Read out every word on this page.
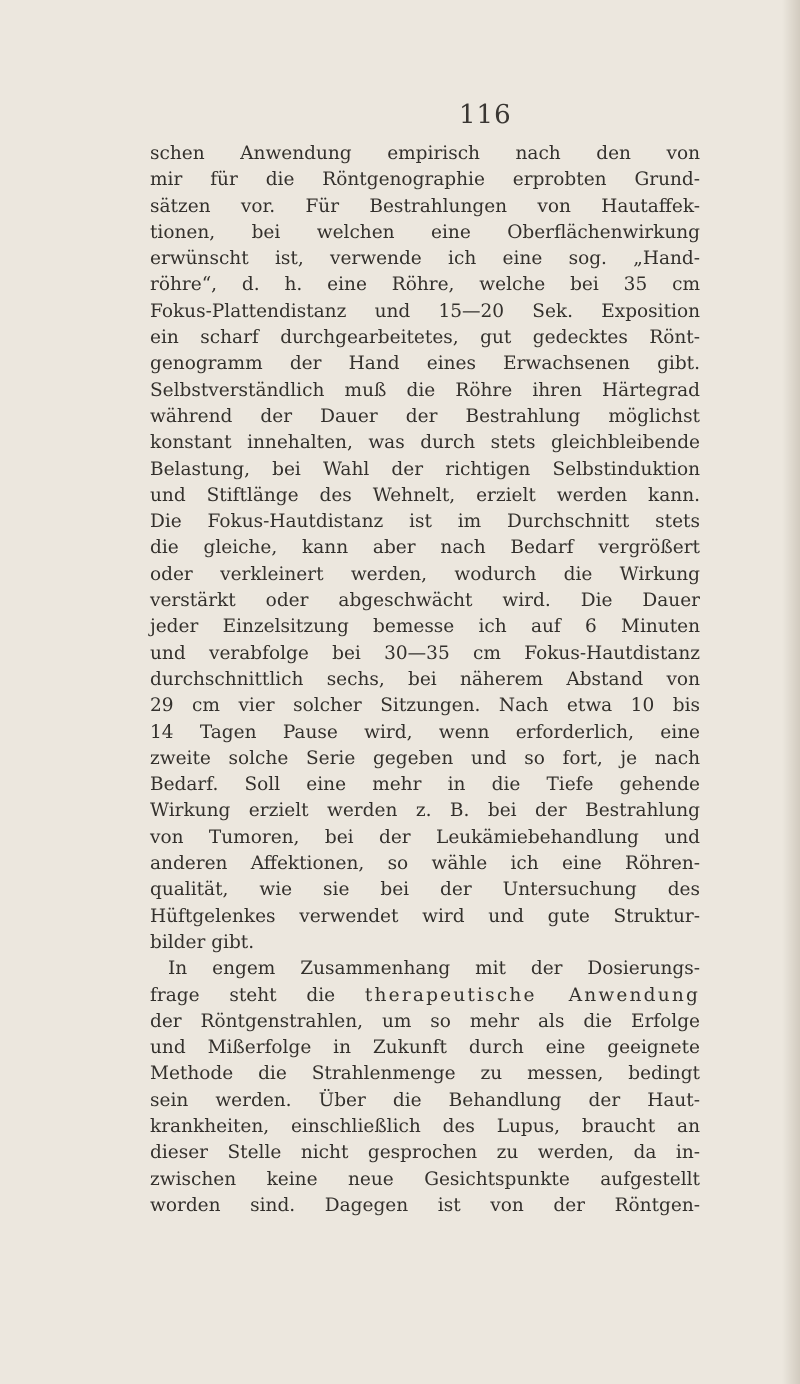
116
schen Anwendung empirisch nach den von
mir für die Röntgenographie erprobten Grund-
sätzen vor. Für Bestrahlungen von Hautaffek-
tionen, bei welchen eine Oberflächenwirkung
erwünscht ist, verwende ich eine sog. „Hand-
röhre“, d. h. eine Röhre, welche bei 35 cm
Fokus-Plattendistanz und 15—20 Sek. Exposition
ein scharf durchgearbeitetes, gut gedecktes Rönt-
genogramm der Hand eines Erwachsenen gibt.
Selbstverständlich muß die Röhre ihren Härtegrad
während der Dauer der Bestrahlung möglichst
konstant innehalten, was durch stets gleichbleibende
Belastung, bei Wahl der richtigen Selbstinduktion
und Stiftlänge des Wehnelt, erzielt werden kann.
Die Fokus-Hautdistanz ist im Durchschnitt stets
die gleiche, kann aber nach Bedarf vergrößert
oder verkleinert werden, wodurch die Wirkung
verstärkt oder abgeschwächt wird. Die Dauer
jeder Einzelsitzung bemesse ich auf 6 Minuten
und verabfolge bei 30—35 cm Fokus-Hautdistanz
durchschnittlich sechs, bei näherem Abstand von
29 cm vier solcher Sitzungen. Nach etwa 10 bis
14 Tagen Pause wird, wenn erforderlich, eine
zweite solche Serie gegeben und so fort, je nach
Bedarf. Soll eine mehr in die Tiefe gehende
Wirkung erzielt werden z. B. bei der Bestrahlung
von Tumoren, bei der Leukämiebehandlung und
anderen Affektionen, so wähle ich eine Röhren-
qualität, wie sie bei der Untersuchung des
Hüftgelenkes verwendet wird und gute Struktur-
bilder gibt.
In engem Zusammenhang mit der Dosierungs-
frage steht die therapeutische Anwendung
der Röntgenstrahlen, um so mehr als die Erfolge
und Mißerfolge in Zukunft durch eine geeignete
Methode die Strahlenmenge zu messen, bedingt
sein werden. Über die Behandlung der Haut-
krankheiten, einschließlich des Lupus, braucht an
dieser Stelle nicht gesprochen zu werden, da in-
zwischen keine neue Gesichtspunkte aufgestellt
worden sind. Dagegen ist von der Röntgen-
